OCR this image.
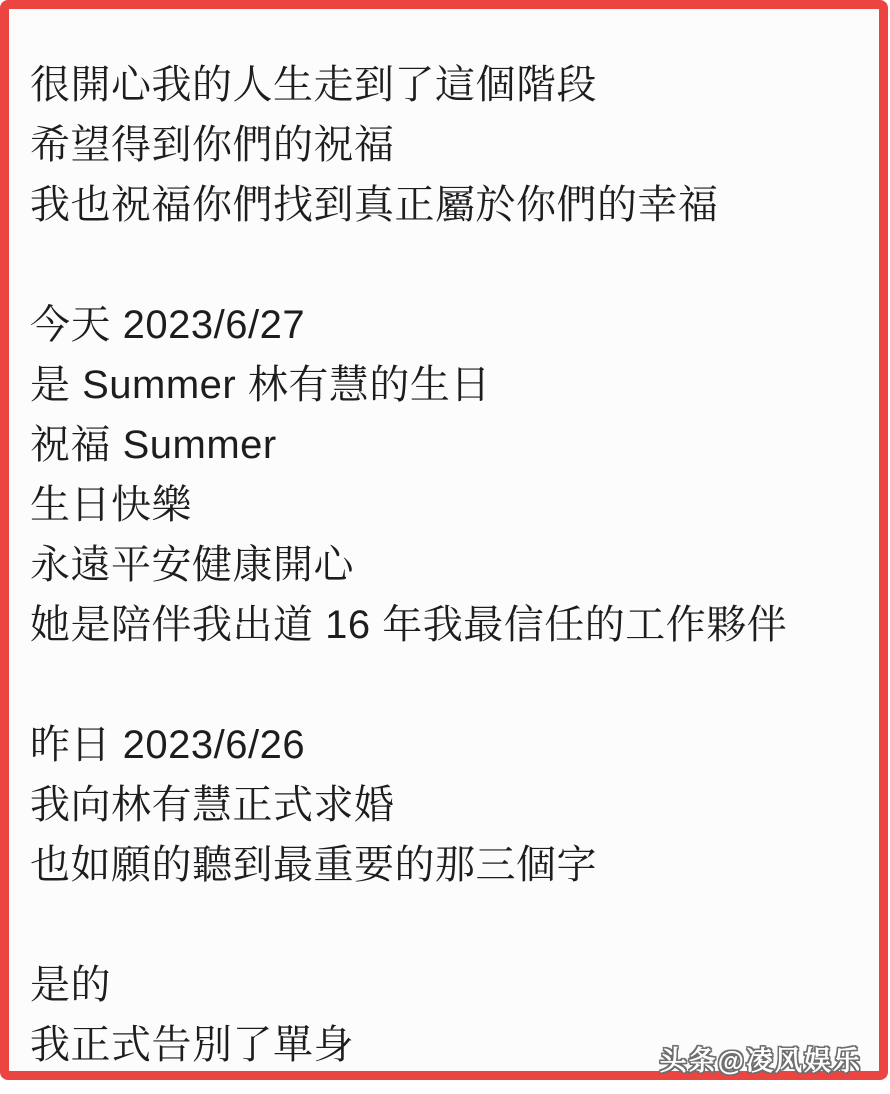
很開心我的人生走到了這個階段
希望得到你們的祝福
我也祝福你們找到真正屬於你們的幸福
今天 2023/6/27
是 Summer 林有慧的生日
祝福 Summer
生日快樂
永遠平安健康開心
她是陪伴我出道 16 年我最信任的工作夥伴
昨日 2023/6/26
我向林有慧正式求婚
也如願的聽到最重要的那三個字
是的
我正式告別了單身	头条@凌风娱乐
